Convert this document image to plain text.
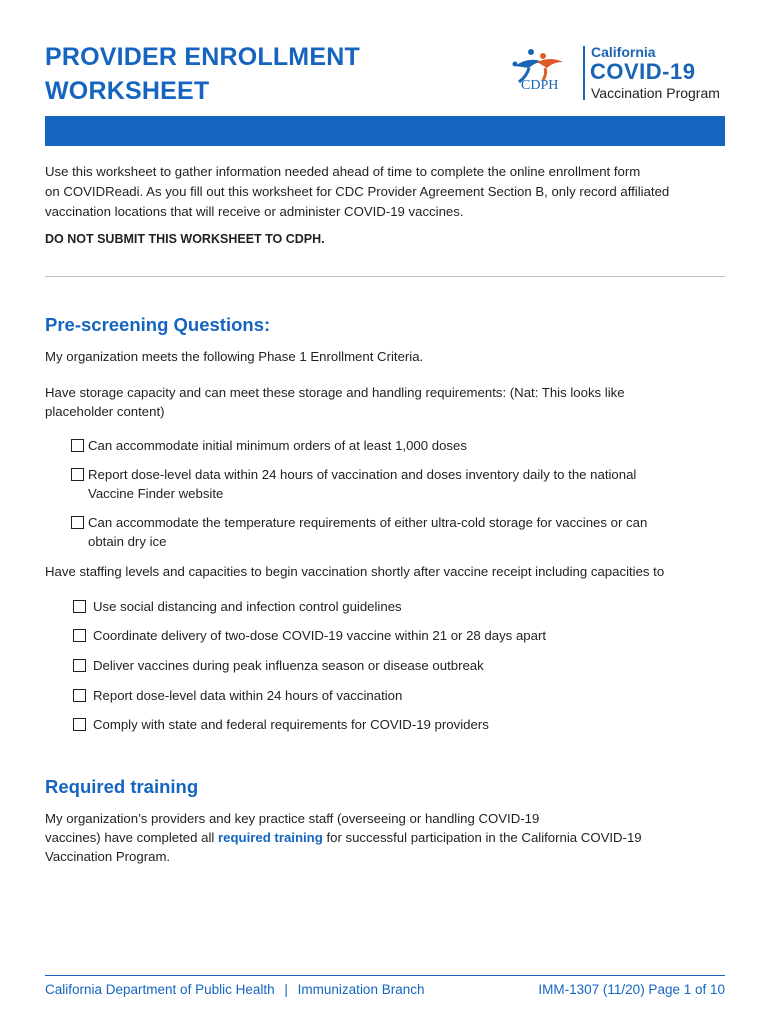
PROVIDER ENROLLMENT
WORKSHEET	CDPH
California
COVID-19
Vaccination Program

Use this worksheet to gather information needed ahead of time to complete the online enrollment form
on COVIDReadi. As you fill out this worksheet for CDC Provider Agreement Section B, only record affiliated
vaccination locations that will receive or administer COVID-19 vaccines.

DO NOT SUBMIT THIS WORKSHEET TO CDPH.

Pre-screening Questions:

My organization meets the following Phase 1 Enrollment Criteria.

Have storage capacity and can meet these storage and handling requirements: (Nat: This looks like
placeholder content)

Can accommodate initial minimum orders of at least 1,000 doses
Report dose-level data within 24 hours of vaccination and doses inventory daily to the national
Vaccine Finder website
Can accommodate the temperature requirements of either ultra-cold storage for vaccines or can
obtain dry ice

Have staffing levels and capacities to begin vaccination shortly after vaccine receipt including capacities to

Use social distancing and infection control guidelines
Coordinate delivery of two-dose COVID-19 vaccine within 21 or 28 days apart
Deliver vaccines during peak influenza season or disease outbreak
Report dose-level data within 24 hours of vaccination
Comply with state and federal requirements for COVID-19 providers
Required training

My organization’s providers and key practice staff (overseeing or handling COVID-19
vaccines) have completed all required training for successful participation in the California COVID-19
Vaccination Program.

California Department of Public Health | Immunization Branch	IMM-1307 (11/20) Page 1 of 10
